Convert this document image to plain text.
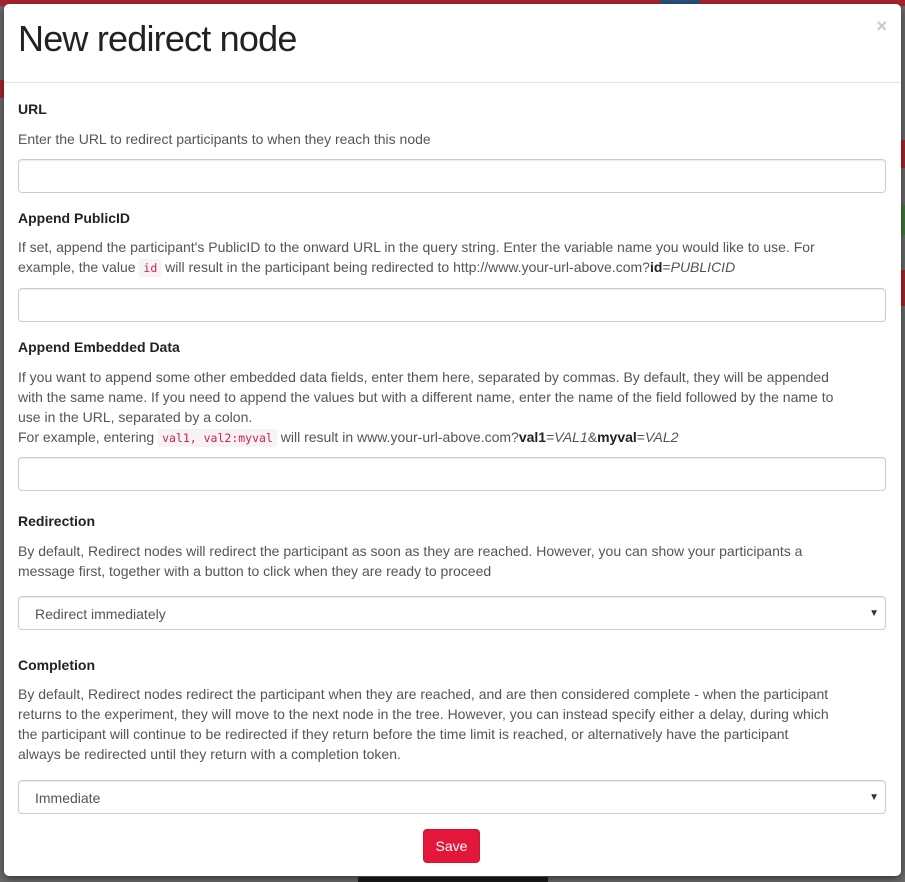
New redirect node	×
URL
Enter the URL to redirect participants to when they reach this node
Append PublicID
If set, append the participant's PublicID to the onward URL in the query string. Enter the variable name you would like to use. For
example, the value id will result in the participant being redirected to http://www.your-url-above.com?id=PUBLICID
Append Embedded Data
If you want to append some other embedded data fields, enter them here, separated by commas. By default, they will be appended
with the same name. If you need to append the values but with a different name, enter the name of the field followed by the name to
use in the URL, separated by a colon.
For example, entering val1, val2:myval will result in www.your-url-above.com?val1=VAL1&myval=VAL2
Redirection
By default, Redirect nodes will redirect the participant as soon as they are reached. However, you can show your participants a
message first, together with a button to click when they are ready to proceed
Redirect immediately	▼
Completion
By default, Redirect nodes redirect the participant when they are reached, and are then considered complete - when the participant
returns to the experiment, they will move to the next node in the tree. However, you can instead specify either a delay, during which
the participant will continue to be redirected if they return before the time limit is reached, or alternatively have the participant
always be redirected until they return with a completion token.
Immediate	▼
Save
